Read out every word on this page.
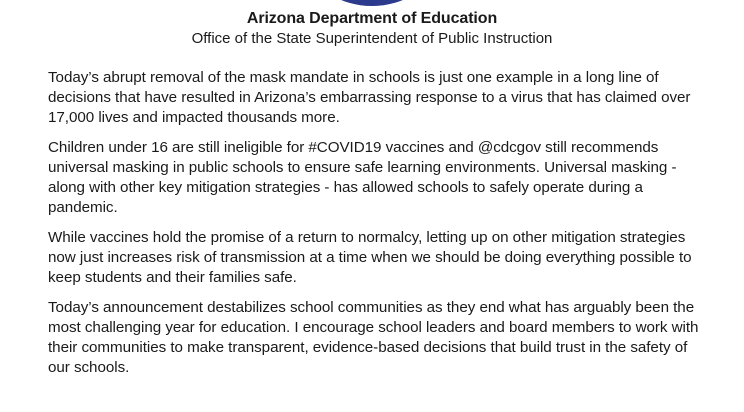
Arizona Department of Education
Office of the State Superintendent of Public Instruction

Today’s abrupt removal of the mask mandate in schools is just one example in a long line of decisions that have resulted in Arizona’s embarrassing response to a virus that has claimed over 17,000 lives and impacted thousands more.

Children under 16 are still ineligible for #COVID19 vaccines and @cdcgov still recommends universal masking in public schools to ensure safe learning environments. Universal masking - along with other key mitigation strategies - has allowed schools to safely operate during a pandemic.

While vaccines hold the promise of a return to normalcy, letting up on other mitigation strategies now just increases risk of transmission at a time when we should be doing everything possible to keep students and their families safe.

Today’s announcement destabilizes school communities as they end what has arguably been the most challenging year for education. I encourage school leaders and board members to work with their communities to make transparent, evidence-based decisions that build trust in the safety of our schools.
